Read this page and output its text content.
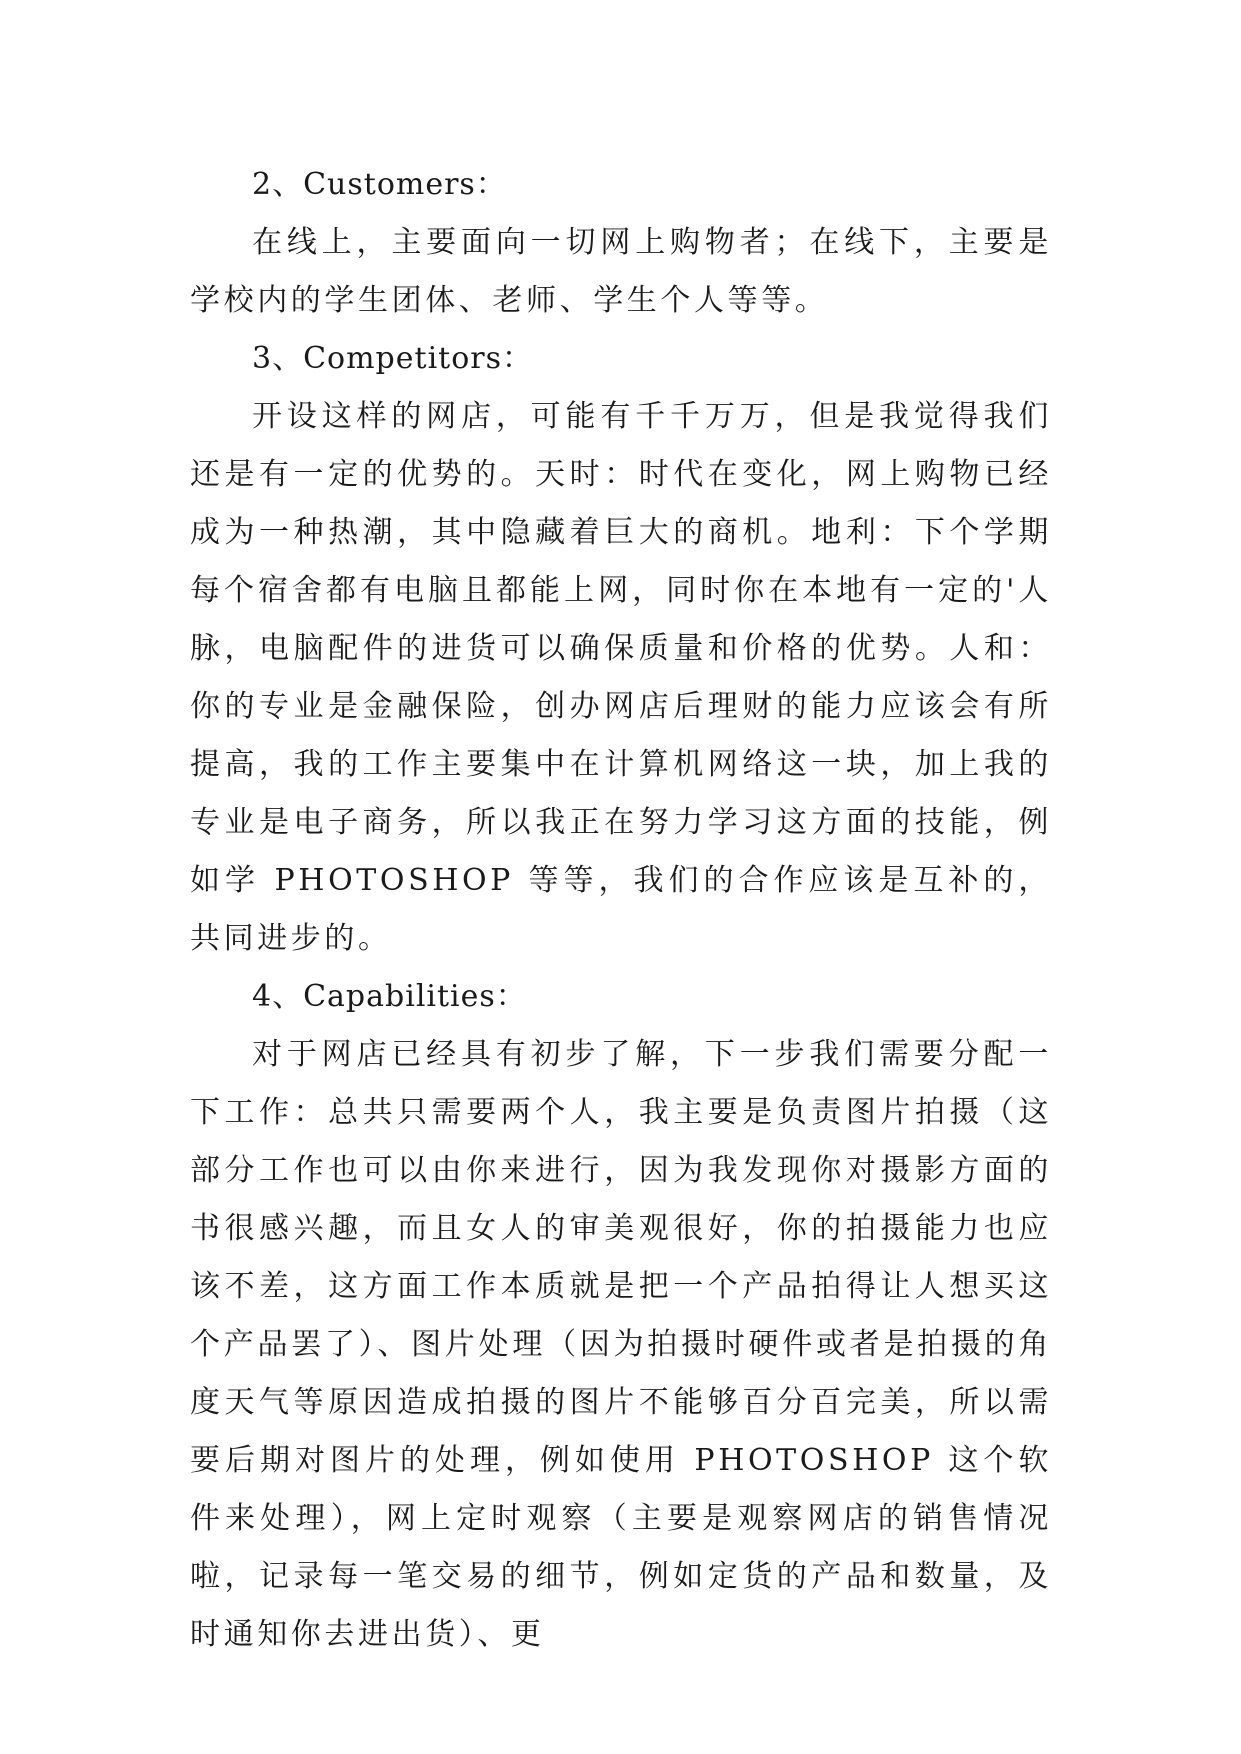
2、Customers：

在线上，主要面向一切网上购物者；在线下，主要是学校内的学生团体、老师、学生个人等等。

3、Competitors：

开设这样的网店，可能有千千万万，但是我觉得我们还是有一定的优势的。天时：时代在变化，网上购物已经成为一种热潮，其中隐藏着巨大的商机。地利：下个学期每个宿舍都有电脑且都能上网，同时你在本地有一定的'人脉，电脑配件的进货可以确保质量和价格的优势。人和：你的专业是金融保险，创办网店后理财的能力应该会有所提高，我的工作主要集中在计算机网络这一块，加上我的专业是电子商务，所以我正在努力学习这方面的技能，例如学 PHOTOSHOP 等等，我们的合作应该是互补的，共同进步的。

4、Capabilities：

对于网店已经具有初步了解，下一步我们需要分配一下工作：总共只需要两个人，我主要是负责图片拍摄（这部分工作也可以由你来进行，因为我发现你对摄影方面的书很感兴趣，而且女人的审美观很好，你的拍摄能力也应该不差，这方面工作本质就是把一个产品拍得让人想买这个产品罢了）、图片处理（因为拍摄时硬件或者是拍摄的角度天气等原因造成拍摄的图片不能够百分百完美，所以需要后期对图片的处理，例如使用 PHOTOSHOP 这个软件来处理），网上定时观察（主要是观察网店的销售情况啦，记录每一笔交易的细节，例如定货的产品和数量，及时通知你去进出货）、更
